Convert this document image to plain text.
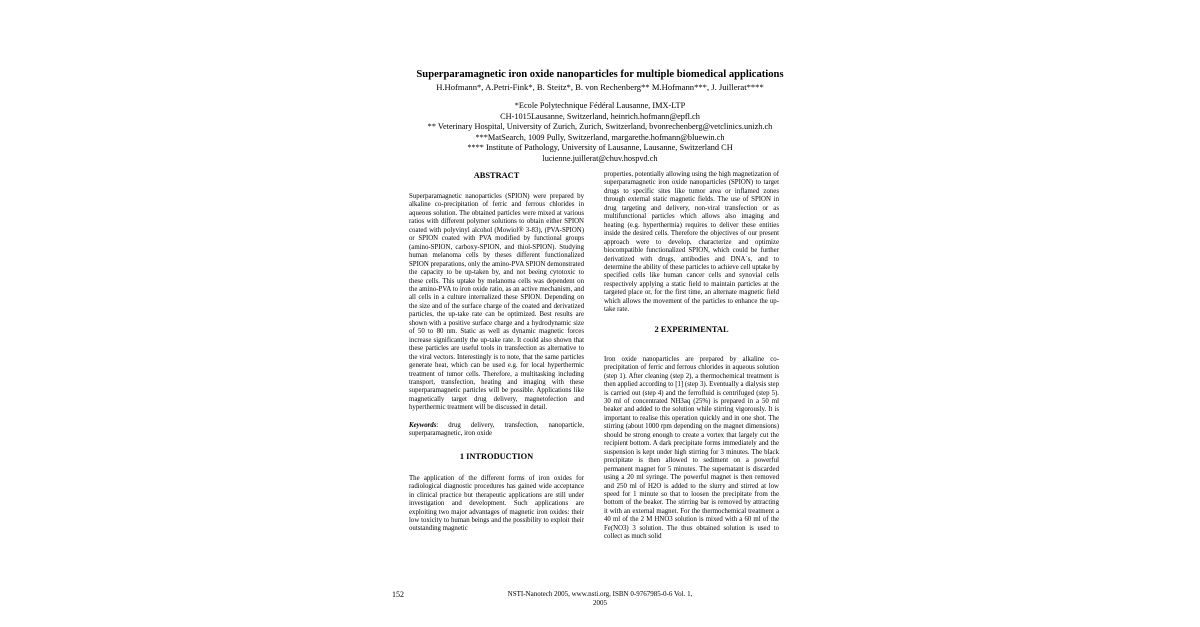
Superparamagnetic iron oxide nanoparticles for multiple biomedical applications
H.Hofmann*, A.Petri-Fink*, B. Steitz*, B. von Rechenberg** M.Hofmann***, J. Juillerat****
*Ecole Polytechnique Fédéral Lausanne, IMX-LTP
CH-1015Lausanne, Switzerland, heinrich.hofmann@epfl.ch
** Veterinary Hospital, University of Zurich, Zurich, Switzerland, bvonrechenberg@vetclinics.unizh.ch
***MatSearch, 1009 Pully, Switzerland, margarethe.hofmann@bluewin.ch
**** Institute of Pathology, University of Lausanne, Lausanne, Switzerland CH
lucienne.juillerat@chuv.hospvd.ch
ABSTRACT

Superparamagnetic nanoparticles (SPION) were prepared by alkaline co-precipitation of ferric and ferrous chlorides in aqueous solution. The obtained particles were mixed at various ratios with different polymer solutions to obtain either SPION coated with polyvinyl alcohol (Mowiol® 3-83), (PVA-SPION) or SPION coated with PVA modified by functional groups (amino-SPION, carboxy-SPION, and thiol-SPION). Studying human melanoma cells by theses different functionalized SPION preparations, only the amino-PVA SPION demonstrated the capacity to be up-taken by, and not beeing cytotoxic to these cells. This uptake by melanoma cells was dependent on the amino-PVA to iron oxide ratio, as an active mechanism, and all cells in a culture internalized these SPION. Depending on the size and of the surface charge of the coated and derivatized particles, the up-take rate can be optimized. Best results are shown with a positive surface charge and a hydrodynamic size of 50 to 80 nm. Static as well as dynamic magnetic forces increase significantly the up-take rate. It could also shown that these particles are useful tools in transfection as alternative to the viral vectors. Interestingly is to note, that the same particles generate heat, which can be used e.g. for local hyperthermic treatment of tumor cells. Therefore, a multitasking including transport, transfection, heating and imaging with these superparamagnetic particles will be possible. Applications like magnetically target drug delivery, magnetofection and hyperthermic treatment will be discussed in detail.

Keywords: drug delivery, transfection, nanoparticle, superparamagnetic, iron oxide

1 INTRODUCTION

The application of the different forms of iron oxides for radiological diagnostic procedures has gained wide acceptance in clinical practice but therapeutic applications are still under investigation and development. Such applications are exploiting two major advantages of magnetic iron oxides: their low toxicity to human beings and the possibility to exploit their outstanding magnetic

properties, potentially allowing using the high magnetization of superparamagnetic iron oxide nanoparticles (SPION) to target drugs to specific sites like tumor area or inflamed zones through external static magnetic fields. The use of SPION in drug targeting and delivery, non-viral transfection or as multifunctional particles which allows also imaging and heating (e.g. hyperthermia) requires to deliver these entities inside the desired cells. Therefore the objectives of our present approach were to develop, characterize and optimize biocompatible functionalized SPION, which could be further derivatized with drugs, antibodies and DNA´s, and to determine the ability of these particles to achieve cell uptake by specified cells like human cancer cells and synovial cells respectively applying a static field to maintain particles at the targeted place or, for the first time, an alternate magnetic field which allows the movement of the particles to enhance the up-take rate.

2 EXPERIMENTAL

Iron oxide nanoparticles are prepared by alkaline co-precipitation of ferric and ferrous chlorides in aqueous solution (step 1). After cleaning (step 2), a thermochemical treatment is then applied according to [1] (step 3). Eventually a dialysis step is carried out (step 4) and the ferrofluid is centrifuged (step 5). 30 ml of concentrated NH3aq (25%) is prepared in a 50 ml beaker and added to the solution while stirring vigorously. It is important to realise this operation quickly and in one shot. The stirring (about 1000 rpm depending on the magnet dimensions) should be strong enough to create a vortex that largely cut the recipient bottom. A dark precipitate forms immediately and the suspension is kept under high stirring for 3 minutes. The black precipitate is then allowed to sediment on a powerful permanent magnet for 5 minutes. The supernatant is discarded using a 20 ml syringe. The powerful magnet is then removed and 250 ml of H2O is added to the slurry and stirred at low speed for 1 minute so that to loosen the precipitate from the bottom of the beaker. The stirring bar is removed by attracting it with an external magnet. For the thermochemical treatment a 40 ml of the 2 M HNO3 solution is mixed with a 60 ml of the Fe(NO3) 3 solution. The thus obtained solution is used to collect as much solid

152	NSTI-Nanotech 2005, www.nsti.org, ISBN 0-9767985-0-6 Vol. 1, 2005
